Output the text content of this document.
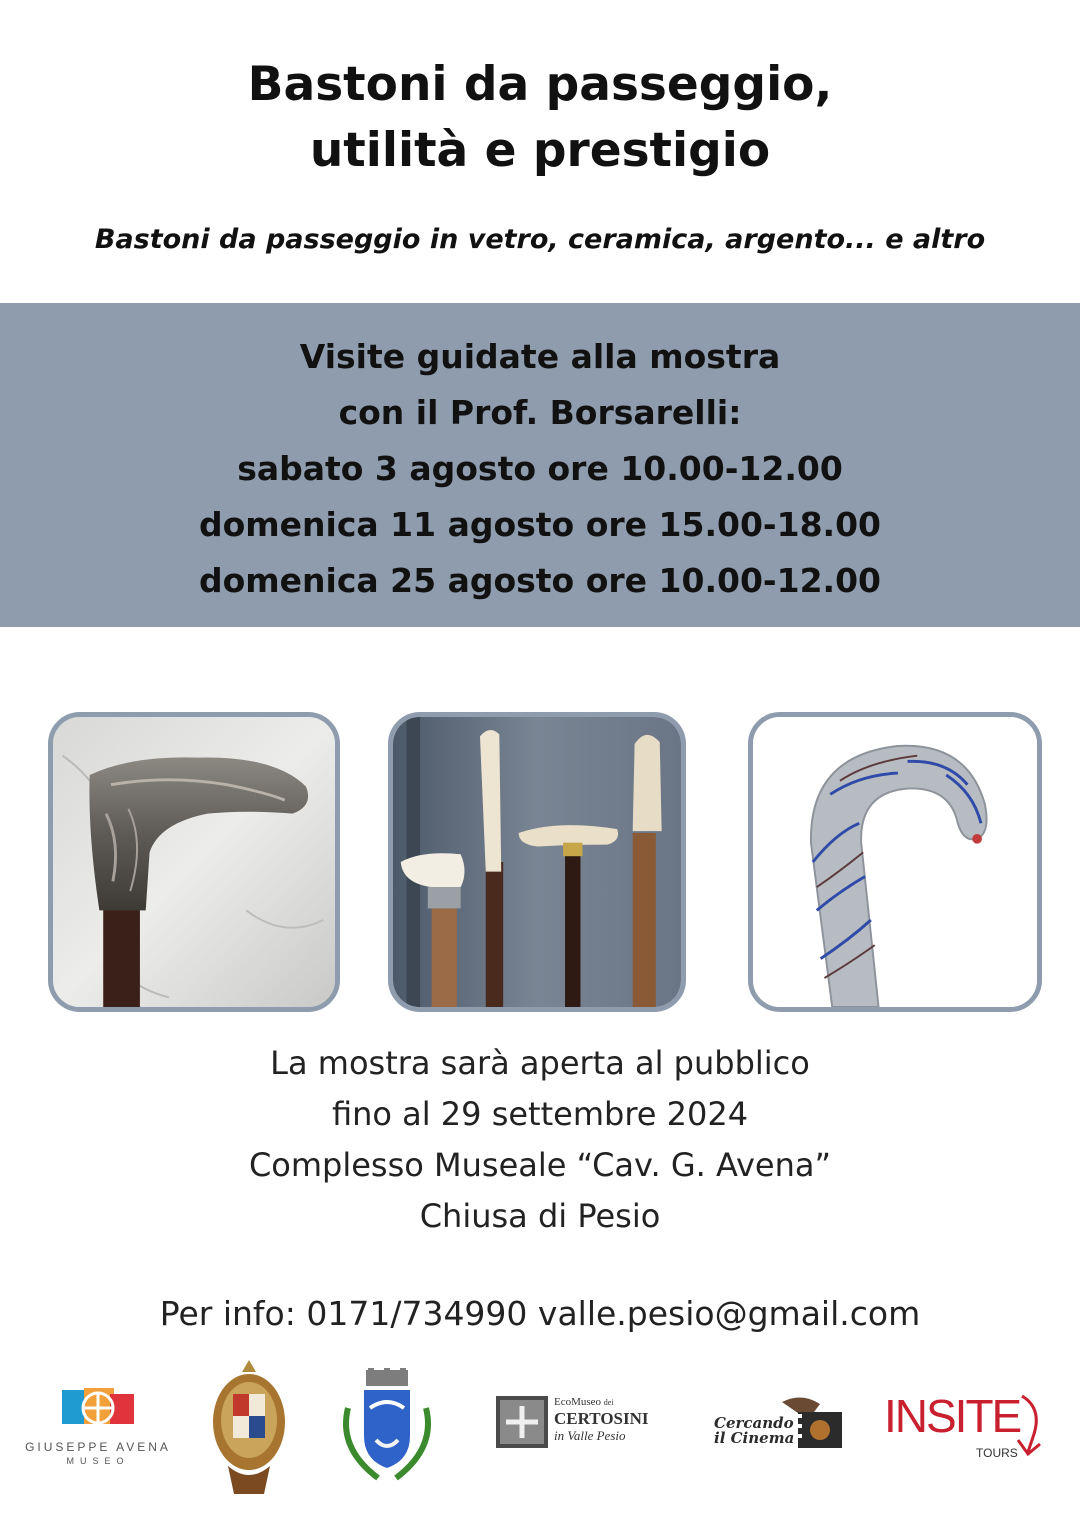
Bastoni da passeggio,
utilità e prestigio
Bastoni da passeggio in vetro, ceramica, argento... e altro
Visite guidate alla mostra
con il Prof. Borsarelli:
sabato 3 agosto ore 10.00-12.00
domenica 11 agosto ore 15.00-18.00
domenica 25 agosto ore 10.00-12.00
La mostra sarà aperta al pubblico
fino al 29 settembre 2024
Complesso Museale “Cav. G. Avena”
Chiusa di Pesio
Per info: 0171/734990 valle.pesio@gmail.com
GIUSEPPE AVENA
MUSEO
EcoMuseo dei
CERTOSINI
in Valle Pesio
Cercando
il Cinema INSITE
TOURS
